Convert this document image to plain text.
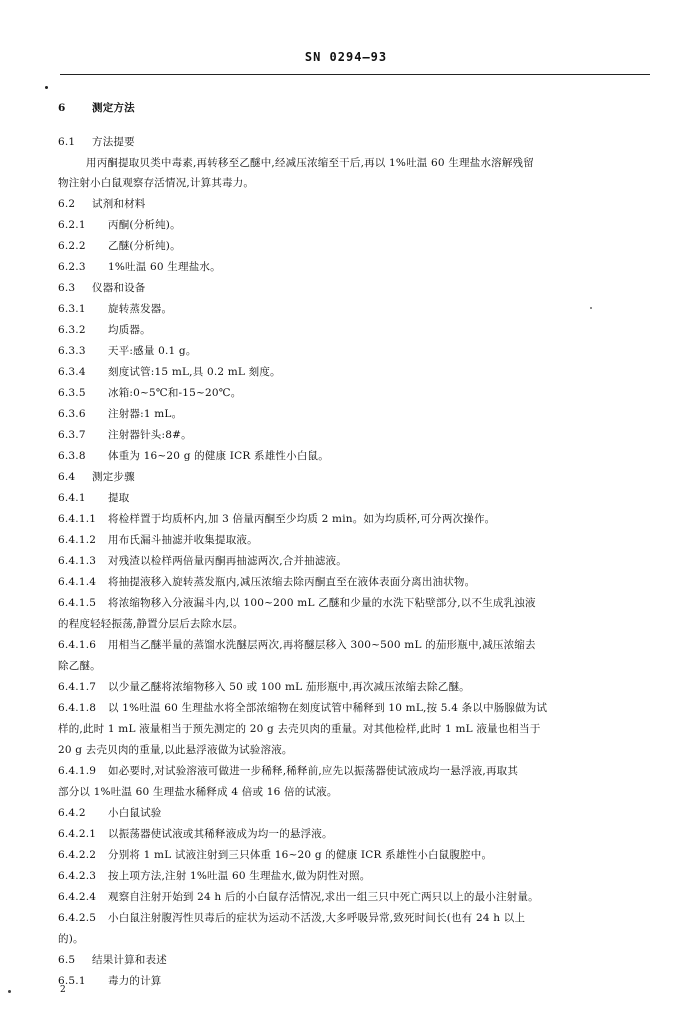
SN 0294—93
6	测定方法
6.1 方法提要
用丙酮提取贝类中毒素,再转移至乙醚中,经减压浓缩至干后,再以 1%吐温 60 生理盐水溶解残留
物注射小白鼠观察存活情况,计算其毒力。
6.2 试剂和材料
6.2.1 丙酮(分析纯)。
6.2.2 乙醚(分析纯)。
6.2.3 1%吐温 60 生理盐水。
6.3 仪器和设备
6.3.1 旋转蒸发器。
6.3.2 均质器。
6.3.3 天平:感量 0.1 g。
6.3.4 刻度试管:15 mL,具 0.2 mL 刻度。
6.3.5 冰箱:0~5℃和-15~20℃。
6.3.6 注射器:1 mL。
6.3.7 注射器针头:8#。
6.3.8 体重为 16~20 g 的健康 ICR 系雄性小白鼠。
6.4 测定步骤
6.4.1 提取
6.4.1.1 将检样置于均质杯内,加 3 倍量丙酮至少均质 2 min。如为均质杯,可分两次操作。
6.4.1.2 用布氏漏斗抽滤并收集提取液。
6.4.1.3 对残渣以检样两倍量丙酮再抽滤两次,合并抽滤液。
6.4.1.4 将抽提液移入旋转蒸发瓶内,减压浓缩去除丙酮直至在液体表面分离出油状物。
6.4.1.5 将浓缩物移入分液漏斗内,以 100~200 mL 乙醚和少量的水洗下粘壁部分,以不生成乳浊液
的程度轻轻振荡,静置分层后去除水层。
6.4.1.6 用相当乙醚半量的蒸馏水洗醚层两次,再将醚层移入 300~500 mL 的茄形瓶中,减压浓缩去
除乙醚。
6.4.1.7 以少量乙醚将浓缩物移入 50 或 100 mL 茄形瓶中,再次减压浓缩去除乙醚。
6.4.1.8 以 1%吐温 60 生理盐水将全部浓缩物在刻度试管中稀释到 10 mL,按 5.4 条以中肠腺做为试
样的,此时 1 mL 液量相当于预先测定的 20 g 去壳贝肉的重量。对其他检样,此时 1 mL 液量也相当于
20 g 去壳贝肉的重量,以此悬浮液做为试验溶液。
6.4.1.9 如必要时,对试验溶液可做进一步稀释,稀释前,应先以振荡器使试液成均一悬浮液,再取其
部分以 1%吐温 60 生理盐水稀释成 4 倍或 16 倍的试液。
6.4.2 小白鼠试验
6.4.2.1 以振荡器使试液或其稀释液成为均一的悬浮液。
6.4.2.2 分别将 1 mL 试液注射到三只体重 16~20 g 的健康 ICR 系雄性小白鼠腹腔中。
6.4.2.3 按上项方法,注射 1%吐温 60 生理盐水,做为阴性对照。
6.4.2.4 观察自注射开始到 24 h 后的小白鼠存活情况,求出一组三只中死亡两只以上的最小注射量。
6.4.2.5 小白鼠注射腹泻性贝毒后的症状为运动不活泼,大多呼吸异常,致死时间长(也有 24 h 以上
的)。
6.5 结果计算和表述
6.5.1 毒力的计算
2
